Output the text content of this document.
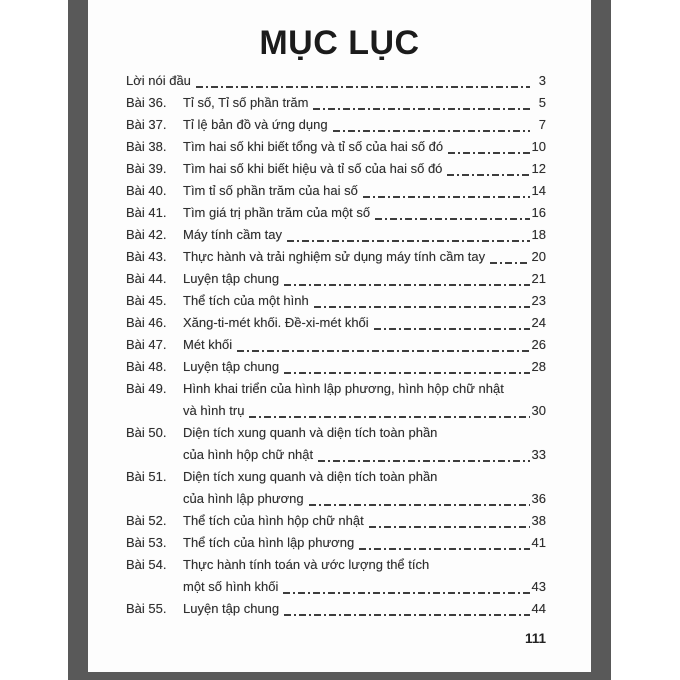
MỤC LỤC
Lời nói đầu	3
Bài 36.	Tỉ số, Tỉ số phần trăm	5
Bài 37.	Tỉ lệ bản đồ và ứng dụng	7
Bài 38.	Tìm hai số khi biết tổng và tỉ số của hai số đó	10
Bài 39.	Tìm hai số khi biết hiệu và tỉ số của hai số đó	12
Bài 40.	Tìm tỉ số phần trăm của hai số	14
Bài 41.	Tìm giá trị phần trăm của một số	16
Bài 42.	Máy tính cầm tay	18
Bài 43.	Thực hành và trải nghiệm sử dụng máy tính cầm tay	20
Bài 44.	Luyện tập chung	21
Bài 45.	Thể tích của một hình	23
Bài 46.	Xăng-ti-mét khối. Đề-xi-mét khối	24
Bài 47.	Mét khối	26
Bài 48.	Luyện tập chung	28
Bài 49.	Hình khai triển của hình lập phương, hình hộp chữ nhật
và hình trụ	30
Bài 50.	Diện tích xung quanh và diện tích toàn phần
của hình hộp chữ nhật	33
Bài 51.	Diện tích xung quanh và diện tích toàn phần
của hình lập phương	36
Bài 52.	Thể tích của hình hộp chữ nhật	38
Bài 53.	Thể tích của hình lập phương	41
Bài 54.	Thực hành tính toán và ước lượng thể tích
một số hình khối	43
Bài 55.	Luyện tập chung	44
111
